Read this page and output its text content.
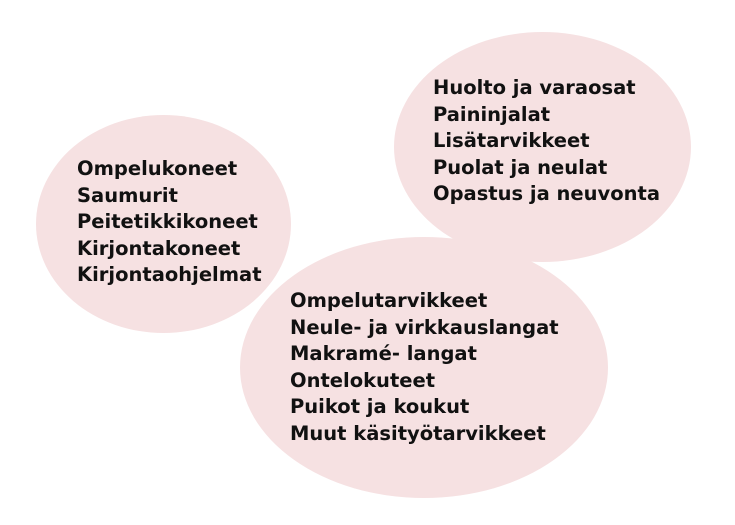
Ompelukoneet
Saumurit
Peitetikkikoneet
Kirjontakoneet
Kirjontaohjelmat
Huolto ja varaosat
Paininjalat
Lisätarvikkeet
Puolat ja neulat
Opastus ja neuvonta
Ompelutarvikkeet
Neule- ja virkkauslangat
Makramé- langat
Ontelokuteet
Puikot ja koukut
Muut käsityötarvikkeet
